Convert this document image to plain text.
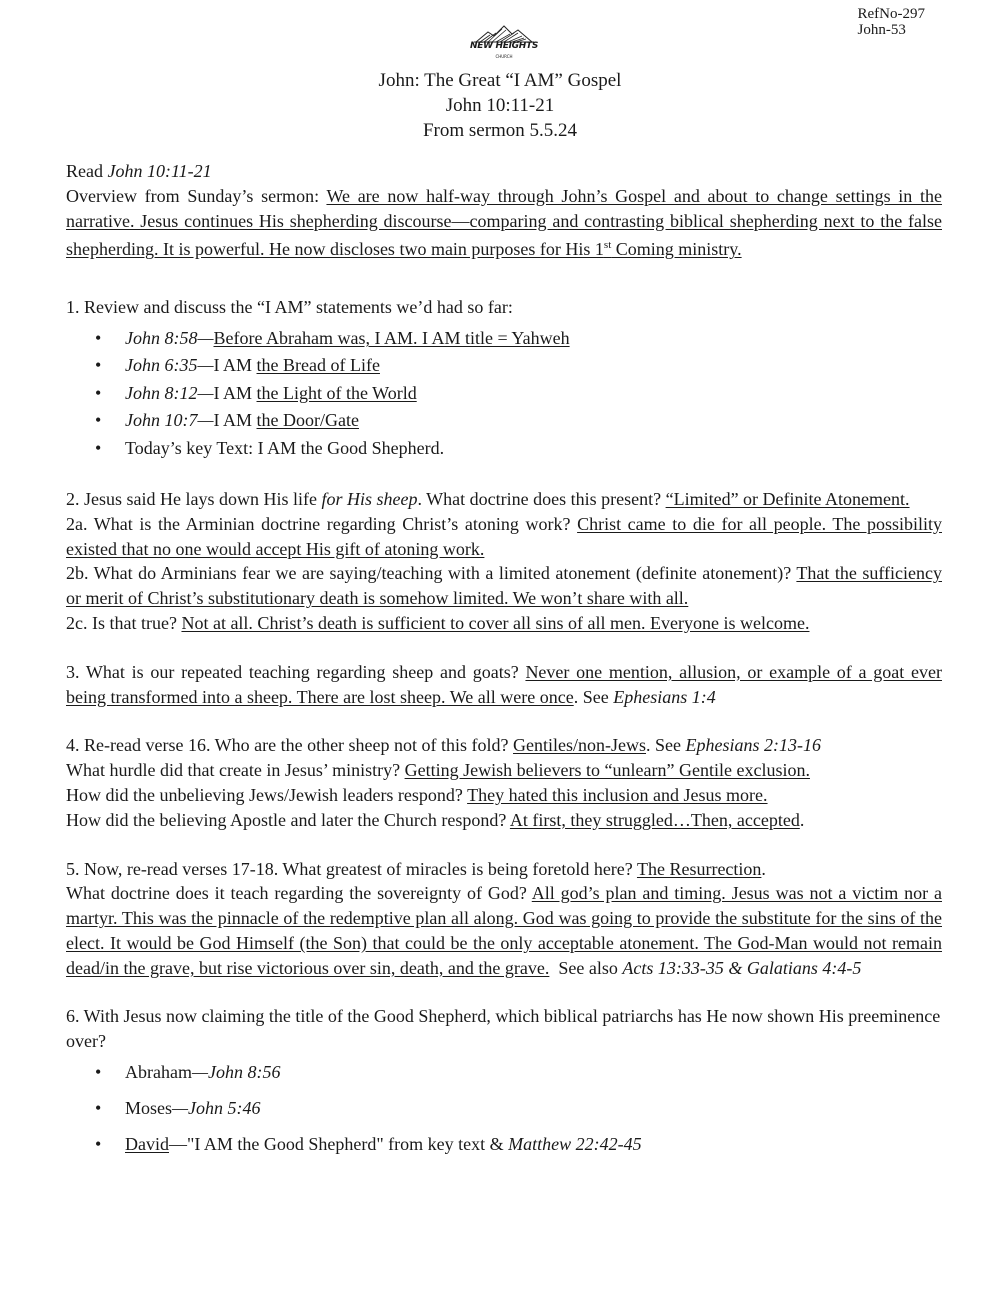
RefNo-297
John-53
NEW HEIGHTS
CHURCH
John: The Great “I AM” Gospel
John 10:11-21
From sermon 5.5.24

Read John 10:11-21

Overview from Sunday’s sermon: We are now half-way through John’s Gospel and about to change settings in the narrative. Jesus continues His shepherding discourse—comparing and contrasting biblical shepherding next to the false shepherding. It is powerful. He now discloses two main purposes for His 1st Coming ministry.

1. Review and discuss the “I AM” statements we’d had so far:

• John 8:58—Before Abraham was, I AM. I AM title = Yahweh
• John 6:35—I AM the Bread of Life
• John 8:12—I AM the Light of the World
• John 10:7—I AM the Door/Gate
• Today’s key Text: I AM the Good Shepherd.

2. Jesus said He lays down His life for His sheep. What doctrine does this present? “Limited” or Definite Atonement.

2a. What is the Arminian doctrine regarding Christ’s atoning work? Christ came to die for all people. The possibility existed that no one would accept His gift of atoning work.

2b. What do Arminians fear we are saying/teaching with a limited atonement (definite atonement)? That the sufficiency or merit of Christ’s substitutionary death is somehow limited. We won’t share with all.

2c. Is that true? Not at all. Christ’s death is sufficient to cover all sins of all men. Everyone is welcome.

3. What is our repeated teaching regarding sheep and goats? Never one mention, allusion, or example of a goat ever being transformed into a sheep. There are lost sheep. We all were once. See Ephesians 1:4

4. Re-read verse 16. Who are the other sheep not of this fold? Gentiles/non-Jews. See Ephesians 2:13-16

What hurdle did that create in Jesus’ ministry? Getting Jewish believers to “unlearn” Gentile exclusion.

How did the unbelieving Jews/Jewish leaders respond? They hated this inclusion and Jesus more.

How did the believing Apostle and later the Church respond? At first, they struggled…Then, accepted.

5. Now, re-read verses 17-18. What greatest of miracles is being foretold here? The Resurrection.

What doctrine does it teach regarding the sovereignty of God? All god’s plan and timing. Jesus was not a victim nor a martyr. This was the pinnacle of the redemptive plan all along. God was going to provide the substitute for the sins of the elect. It would be God Himself (the Son) that could be the only acceptable atonement. The God-Man would not remain dead/in the grave, but rise victorious over sin, death, and the grave.  See also Acts 13:33-35 & Galatians 4:4-5

6. With Jesus now claiming the title of the Good Shepherd, which biblical patriarchs has He now shown His preeminence over?

• Abraham—John 8:56
• Moses—John 5:46
• David—"I AM the Good Shepherd" from key text & Matthew 22:42-45
